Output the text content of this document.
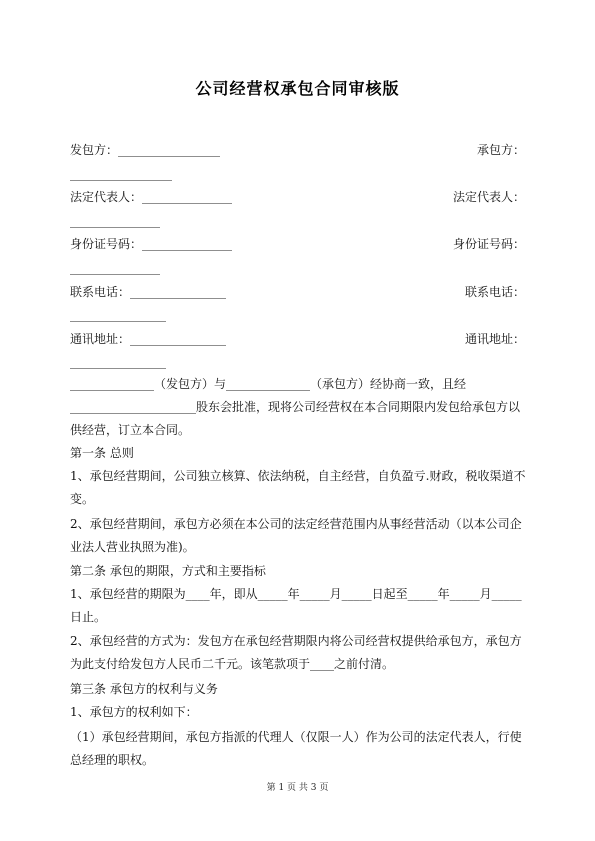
公司经营权承包合同审核版
发包方：_________________	承包方：
_________________
法定代表人：_______________	法定代表人：
_______________
身份证号码：_______________	身份证号码：
_______________
联系电话：________________	联系电话：
________________
通讯地址：________________	通讯地址：
________________
______________（发包方）与______________（承包方）经协商一致，且经
_____________________股东会批准，现将公司经营权在本合同期限内发包给承包方以
供经营，订立本合同。
第一条 总则
1、承包经营期间，公司独立核算、依法纳税，自主经营，自负盈亏.财政，税收渠道不
变。
2、承包经营期间，承包方必须在本公司的法定经营范围内从事经营活动（以本公司企
业法人营业执照为准)。
第二条 承包的期限，方式和主要指标
1、承包经营的期限为____年，即从_____年_____月_____日起至_____年_____月_____
日止。
2、承包经营的方式为：发包方在承包经营期限内将公司经营权提供给承包方，承包方
为此支付给发包方人民币二千元。该笔款项于____之前付清。
第三条 承包方的权利与义务
1、承包方的权利如下：
（1）承包经营期间，承包方指派的代理人（仅限一人）作为公司的法定代表人，行使
总经理的职权。
第 1 页 共 3 页
